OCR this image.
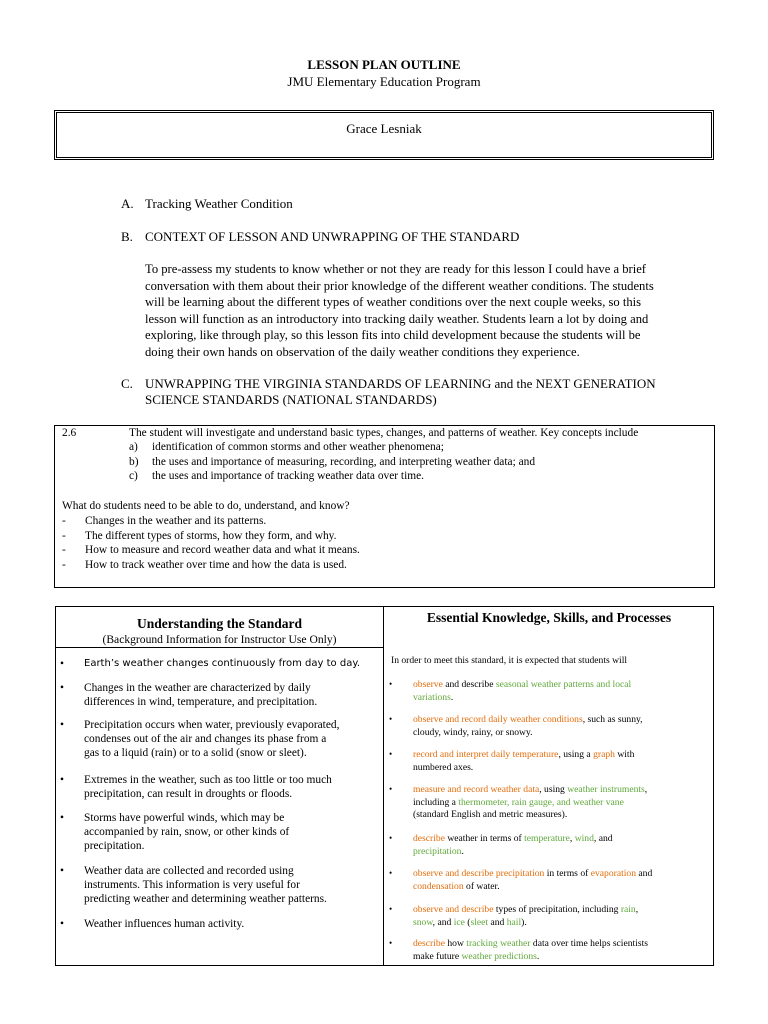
LESSON PLAN OUTLINE
JMU Elementary Education Program
Grace Lesniak
A. Tracking Weather Condition
B. CONTEXT OF LESSON AND UNWRAPPING OF THE STANDARD
To pre-assess my students to know whether or not they are ready for this lesson I could have a brief
conversation with them about their prior knowledge of the different weather conditions. The students
will be learning about the different types of weather conditions over the next couple weeks, so this
lesson will function as an introductory into tracking daily weather. Students learn a lot by doing and
exploring, like through play, so this lesson fits into child development because the students will be
doing their own hands on observation of the daily weather conditions they experience.
C. UNWRAPPING THE VIRGINIA STANDARDS OF LEARNING and the NEXT GENERATION
SCIENCE STANDARDS (NATIONAL STANDARDS)
2.6	The student will investigate and understand basic types, changes, and patterns of weather. Key concepts include
a) identification of common storms and other weather phenomena;
b) the uses and importance of measuring, recording, and interpreting weather data; and
c) the uses and importance of tracking weather data over time.
What do students need to be able to do, understand, and know?
- Changes in the weather and its patterns.
- The different types of storms, how they form, and why.
- How to measure and record weather data and what it means.
- How to track weather over time and how the data is used.
Understanding the Standard
(Background Information for Instructor Use Only)
Essential Knowledge, Skills, and Processes
• Earth’s weather changes continuously from day to day.
• Changes in the weather are characterized by daily
differences in wind, temperature, and precipitation.
• Precipitation occurs when water, previously evaporated,
condenses out of the air and changes its phase from a
gas to a liquid (rain) or to a solid (snow or sleet).
• Extremes in the weather, such as too little or too much
precipitation, can result in droughts or floods.
• Storms have powerful winds, which may be
accompanied by rain, snow, or other kinds of
precipitation.
• Weather data are collected and recorded using
instruments. This information is very useful for
predicting weather and determining weather patterns.
• Weather influences human activity.
In order to meet this standard, it is expected that students will
• observe and describe seasonal weather patterns and local
variations.
• observe and record daily weather conditions, such as sunny,
cloudy, windy, rainy, or snowy.
• record and interpret daily temperature, using a graph with
numbered axes.
• measure and record weather data, using weather instruments,
including a thermometer, rain gauge, and weather vane
(standard English and metric measures).
• describe weather in terms of temperature, wind, and
precipitation.
• observe and describe precipitation in terms of evaporation and
condensation of water.
• observe and describe types of precipitation, including rain,
snow, and ice (sleet and hail).
• describe how tracking weather data over time helps scientists
make future weather predictions.
